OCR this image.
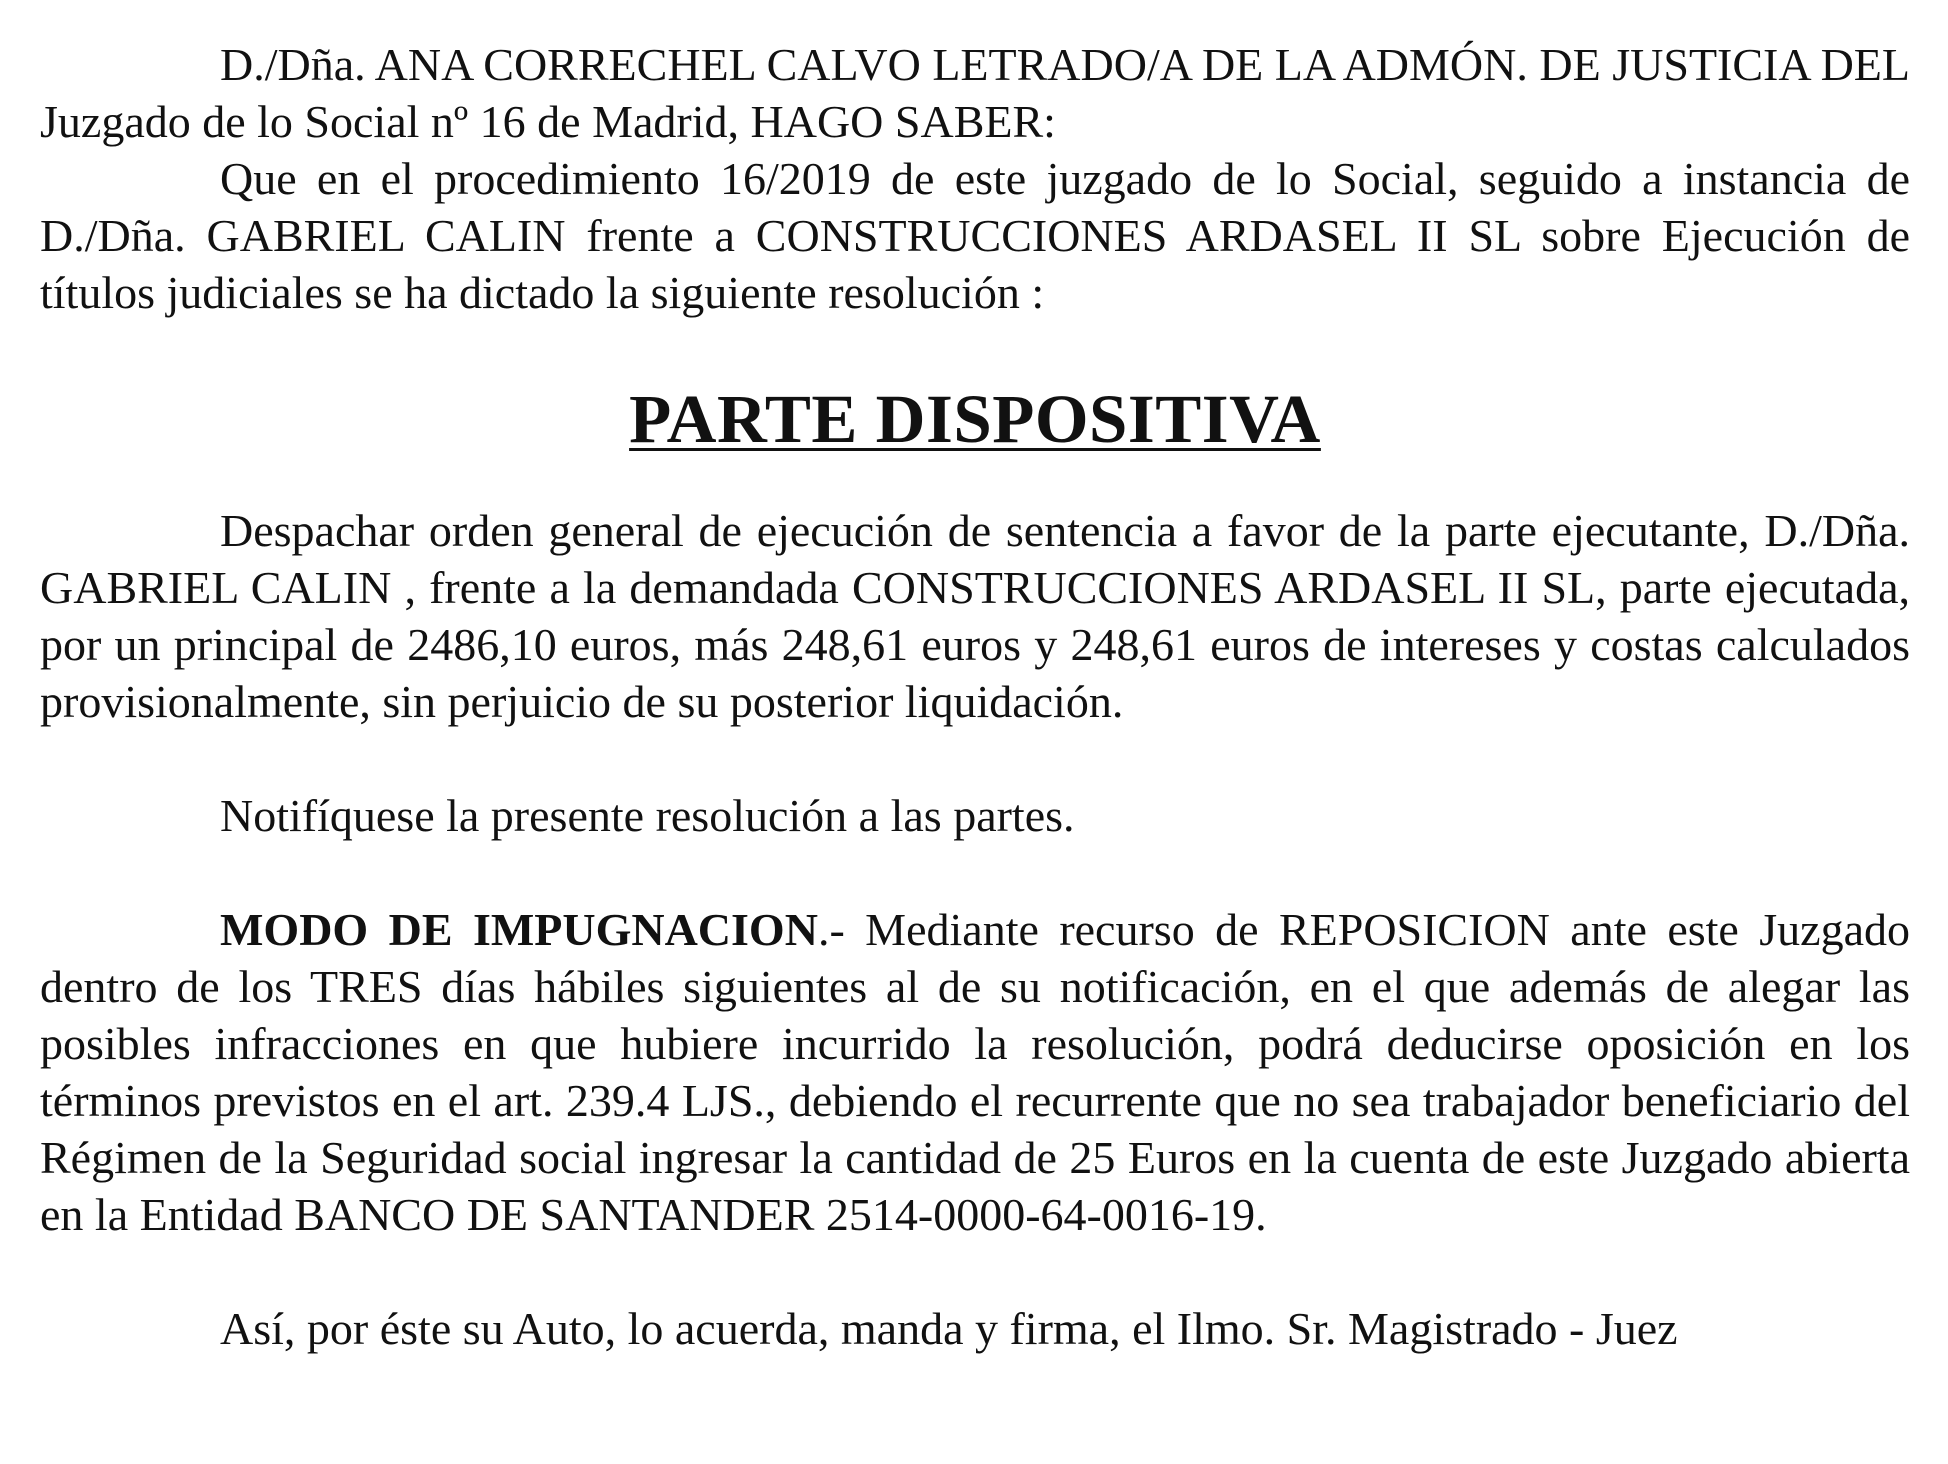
D./Dña. ANA CORRECHEL CALVO LETRADO/A DE LA ADMÓN. DE JUSTICIA DEL Juzgado de lo Social nº 16 de Madrid, HAGO SABER:

Que en el procedimiento 16/2019 de este juzgado de lo Social, seguido a instancia de D./Dña. GABRIEL CALIN frente a CONSTRUCCIONES ARDASEL II SL sobre Ejecución de títulos judiciales se ha dictado la siguiente resolución :

PARTE DISPOSITIVA

Despachar orden general de ejecución de sentencia a favor de la parte ejecutante, D./Dña. GABRIEL CALIN , frente a la demandada CONSTRUCCIONES ARDASEL II SL, parte ejecutada, por un principal de 2486,10 euros, más 248,61 euros y 248,61 euros de intereses y costas calculados provisionalmente, sin perjuicio de su posterior liquidación.

Notifíquese la presente resolución a las partes.

MODO DE IMPUGNACION.- Mediante recurso de REPOSICION ante este Juzgado dentro de los TRES días hábiles siguientes al de su notificación, en el que además de alegar las posibles infracciones en que hubiere incurrido la resolución, podrá deducirse oposición en los términos previstos en el art. 239.4 LJS., debiendo el recurrente que no sea trabajador beneficiario del Régimen de la Seguridad social ingresar la cantidad de 25 Euros en la cuenta de este Juzgado abierta en la Entidad BANCO DE SANTANDER 2514-0000-64-0016-19.

Así, por éste su Auto, lo acuerda, manda y firma, el Ilmo. Sr. Magistrado - Juez
